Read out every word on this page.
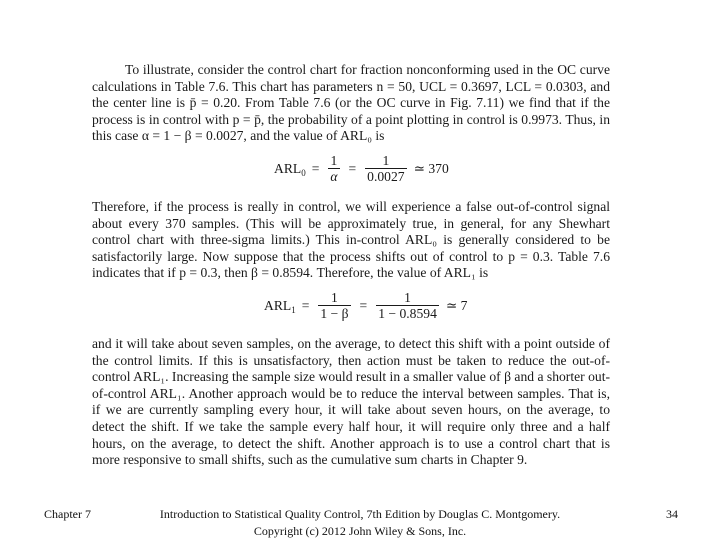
To illustrate, consider the control chart for fraction nonconforming used in the OC curve calculations in Table 7.6. This chart has parameters n = 50, UCL = 0.3697, LCL = 0.0303, and the center line is p̄ = 0.20. From Table 7.6 (or the OC curve in Fig. 7.11) we find that if the process is in control with p = p̄, the probability of a point plotting in control is 0.9973. Thus, in this case α = 1 − β = 0.0027, and the value of ARL₀ is

$ARL_0 = \frac{1}{\alpha} = \frac{1}{0.0027}$ ≃ 370

Therefore, if the process is really in control, we will experience a false out-of-control signal about every 370 samples. (This will be approximately true, in general, for any Shewhart control chart with three-sigma limits.) This in-control ARL₀ is generally considered to be satisfactorily large. Now suppose that the process shifts out of control to p = 0.3. Table 7.6 indicates that if p = 0.3, then β = 0.8594. Therefore, the value of ARL₁ is

$ARL_1 = \frac{1}{1 - \beta} = \frac{1}{1 - 0.8594}$ ≃ 7

and it will take about seven samples, on the average, to detect this shift with a point outside of the control limits. If this is unsatisfactory, then action must be taken to reduce the out-of-control ARL₁. Increasing the sample size would result in a smaller value of β and a shorter out-of-control ARL₁. Another approach would be to reduce the interval between samples. That is, if we are currently sampling every hour, it will take about seven hours, on the average, to detect the shift. If we take the sample every half hour, it will require only three and a half hours, on the average, to detect the shift. Another approach is to use a control chart that is more responsive to small shifts, such as the cumulative sum charts in Chapter 9.

Chapter 7	Introduction to Statistical Quality Control, 7th Edition by Douglas C. Montgomery.
Copyright (c) 2012 John Wiley & Sons, Inc.
34
